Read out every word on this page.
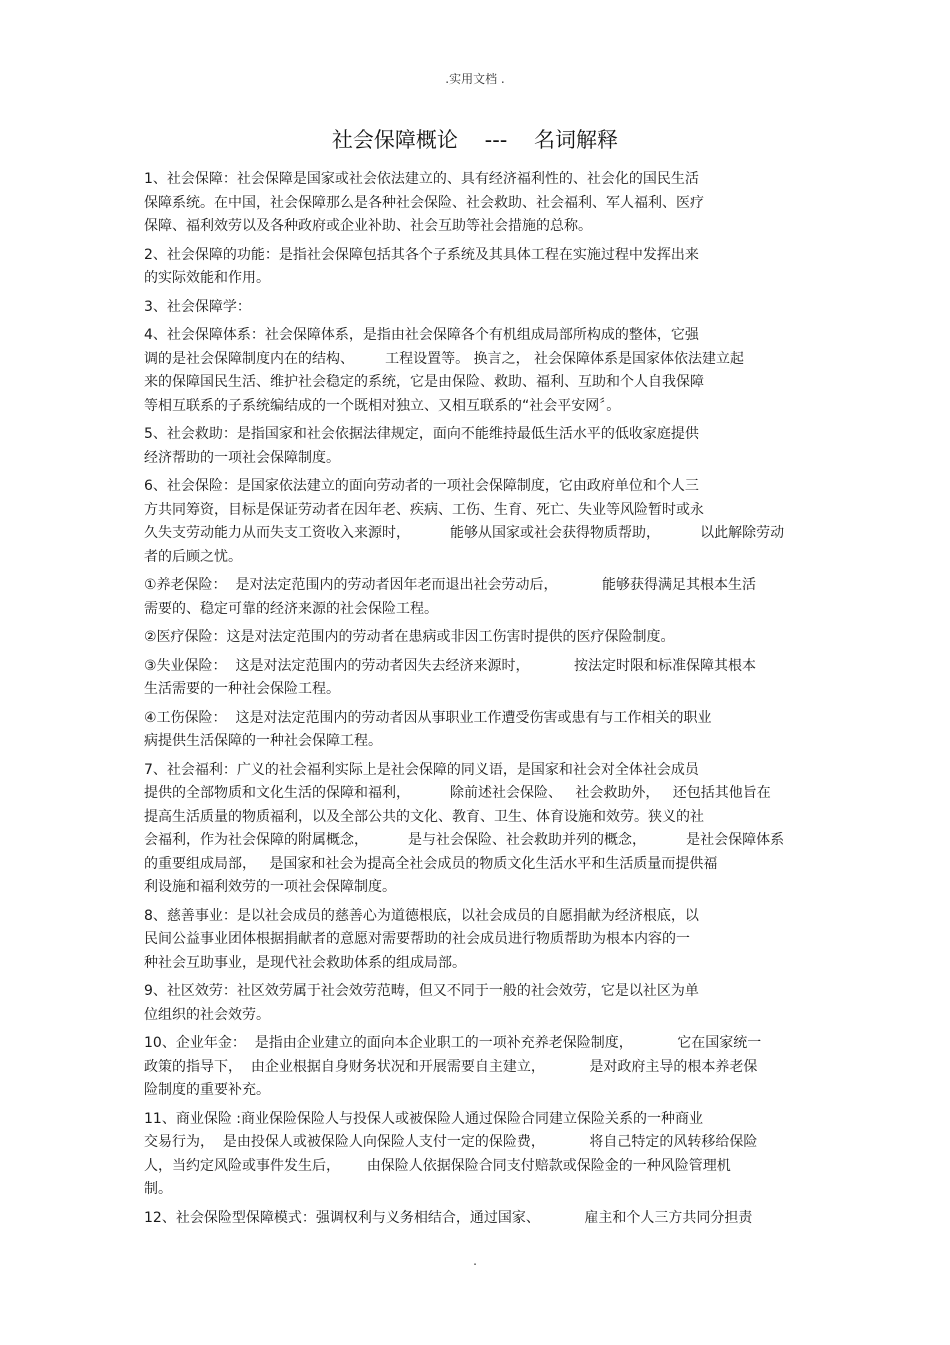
.实用文档 .
社会保障概论    ---    名词解释
1、社会保障：社会保障是国家或社会依法建立的、具有经济福利性的、社会化的国民生活
保障系统。在中国，社会保障那么是各种社会保险、社会救助、社会福利、军人福利、医疗
保障、福利效劳以及各种政府或企业补助、社会互助等社会措施的总称。
2、社会保障的功能：是指社会保障包括其各个子系统及其具体工程在实施过程中发挥出来
的实际效能和作用。
3、社会保障学：
4、社会保障体系：社会保障体系，是指由社会保障各个有机组成局部所构成的整体，它强
调的是社会保障制度内在的结构、       工程设置等。 换言之， 社会保障体系是国家体依法建立起
来的保障国民生活、维护社会稳定的系统，它是由保险、救助、福利、互助和个人自我保障
等相互联系的子系统编结成的一个既相对独立、又相互联系的“社会平安网〞。
5、社会救助：是指国家和社会依据法律规定，面向不能维持最低生活水平的低收家庭提供
经济帮助的一项社会保障制度。
6、社会保险：是国家依法建立的面向劳动者的一项社会保障制度，它由政府单位和个人三
方共同筹资，目标是保证劳动者在因年老、疾病、工伤、生育、死亡、失业等风险暂时或永
久失支劳动能力从而失支工资收入来源时，         能够从国家或社会获得物质帮助，         以此解除劳动
者的后顾之忧。
①养老保险：  是对法定范围内的劳动者因年老而退出社会劳动后，          能够获得满足其根本生活
需要的、稳定可靠的经济来源的社会保险工程。
②医疗保险：这是对法定范围内的劳动者在患病或非因工伤害时提供的医疗保险制度。
③失业保险：  这是对法定范围内的劳动者因失去经济来源时，          按法定时限和标准保障其根本
生活需要的一种社会保险工程。
④工伤保险：  这是对法定范围内的劳动者因从事职业工作遭受伤害或患有与工作相关的职业
病提供生活保障的一种社会保障工程。
7、社会福利：广义的社会福利实际上是社会保障的同义语，是国家和社会对全体社会成员
提供的全部物质和文化生活的保障和福利，         除前述社会保险、   社会救助外，   还包括其他旨在
提高生活质量的物质福利，以及全部公共的文化、教育、卫生、体育设施和效劳。狭义的社
会福利，作为社会保障的附属概念，         是与社会保险、社会救助并列的概念，         是社会保障体系
的重要组成局部，   是国家和社会为提高全社会成员的物质文化生活水平和生活质量而提供福
利设施和福利效劳的一项社会保障制度。
8、慈善事业：是以社会成员的慈善心为道德根底，以社会成员的自愿捐献为经济根底，以
民间公益事业团体根据捐献者的意愿对需要帮助的社会成员进行物质帮助为根本内容的一
种社会互助事业，是现代社会救助体系的组成局部。
9、社区效劳：社区效劳属于社会效劳范畴，但又不同于一般的社会效劳，它是以社区为单
位组织的社会效劳。
10、企业年金：  是指由企业建立的面向本企业职工的一项补充养老保险制度，          它在国家统一
政策的指导下，  由企业根据自身财务状况和开展需要自主建立，          是对政府主导的根本养老保
险制度的重要补充。
11、商业保险 :商业保险保险人与投保人或被保险人通过保险合同建立保险关系的一种商业
交易行为，  是由投保人或被保险人向保险人支付一定的保险费，          将自己特定的风转移给保险
人，当约定风险或事件发生后，      由保险人依据保险合同支付赔款或保险金的一种风险管理机
制。
12、社会保险型保障模式：强调权利与义务相结合，通过国家、          雇主和个人三方共同分担责
.
